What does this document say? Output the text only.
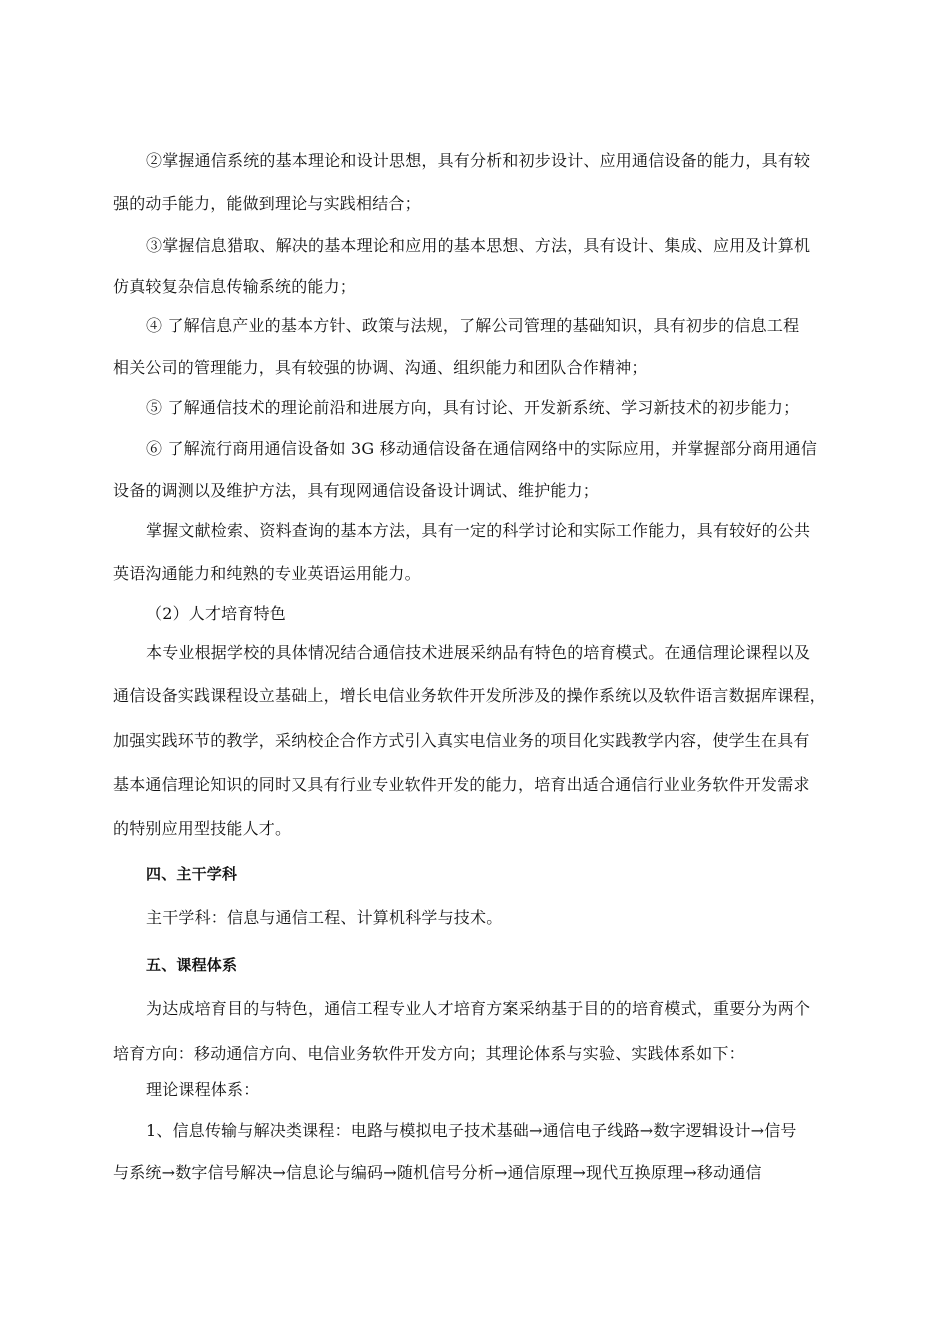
②掌握通信系统的基本理论和设计思想，具有分析和初步设计、应用通信设备的能力，具有较
强的动手能力，能做到理论与实践相结合；
③掌握信息猎取、解决的基本理论和应用的基本思想、方法，具有设计、集成、应用及计算机
仿真较复杂信息传输系统的能力；
④ 了解信息产业的基本方针、政策与法规，了解公司管理的基础知识，具有初步的信息工程
相关公司的管理能力，具有较强的协调、沟通、组织能力和团队合作精神；
⑤ 了解通信技术的理论前沿和进展方向，具有讨论、开发新系统、学习新技术的初步能力；
⑥ 了解流行商用通信设备如 3G 移动通信设备在通信网络中的实际应用，并掌握部分商用通信
设备的调测以及维护方法，具有现网通信设备设计调试、维护能力；
掌握文献检索、资料查询的基本方法，具有一定的科学讨论和实际工作能力，具有较好的公共
英语沟通能力和纯熟的专业英语运用能力。
（2）人才培育特色
本专业根据学校的具体情况结合通信技术进展采纳品有特色的培育模式。在通信理论课程以及
通信设备实践课程设立基础上，增长电信业务软件开发所涉及的操作系统以及软件语言数据库课程，
加强实践环节的教学，采纳校企合作方式引入真实电信业务的项目化实践教学内容，使学生在具有
基本通信理论知识的同时又具有行业专业软件开发的能力，培育出适合通信行业业务软件开发需求
的特别应用型技能人才。
四、主干学科
主干学科：信息与通信工程、计算机科学与技术。
五、课程体系
为达成培育目的与特色，通信工程专业人才培育方案采纳基于目的的培育模式，重要分为两个
培育方向：移动通信方向、电信业务软件开发方向；其理论体系与实验、实践体系如下：
理论课程体系：
1、信息传输与解决类课程：电路与模拟电子技术基础→通信电子线路→数字逻辑设计→信号
与系统→数字信号解决→信息论与编码→随机信号分析→通信原理→现代互换原理→移动通信
